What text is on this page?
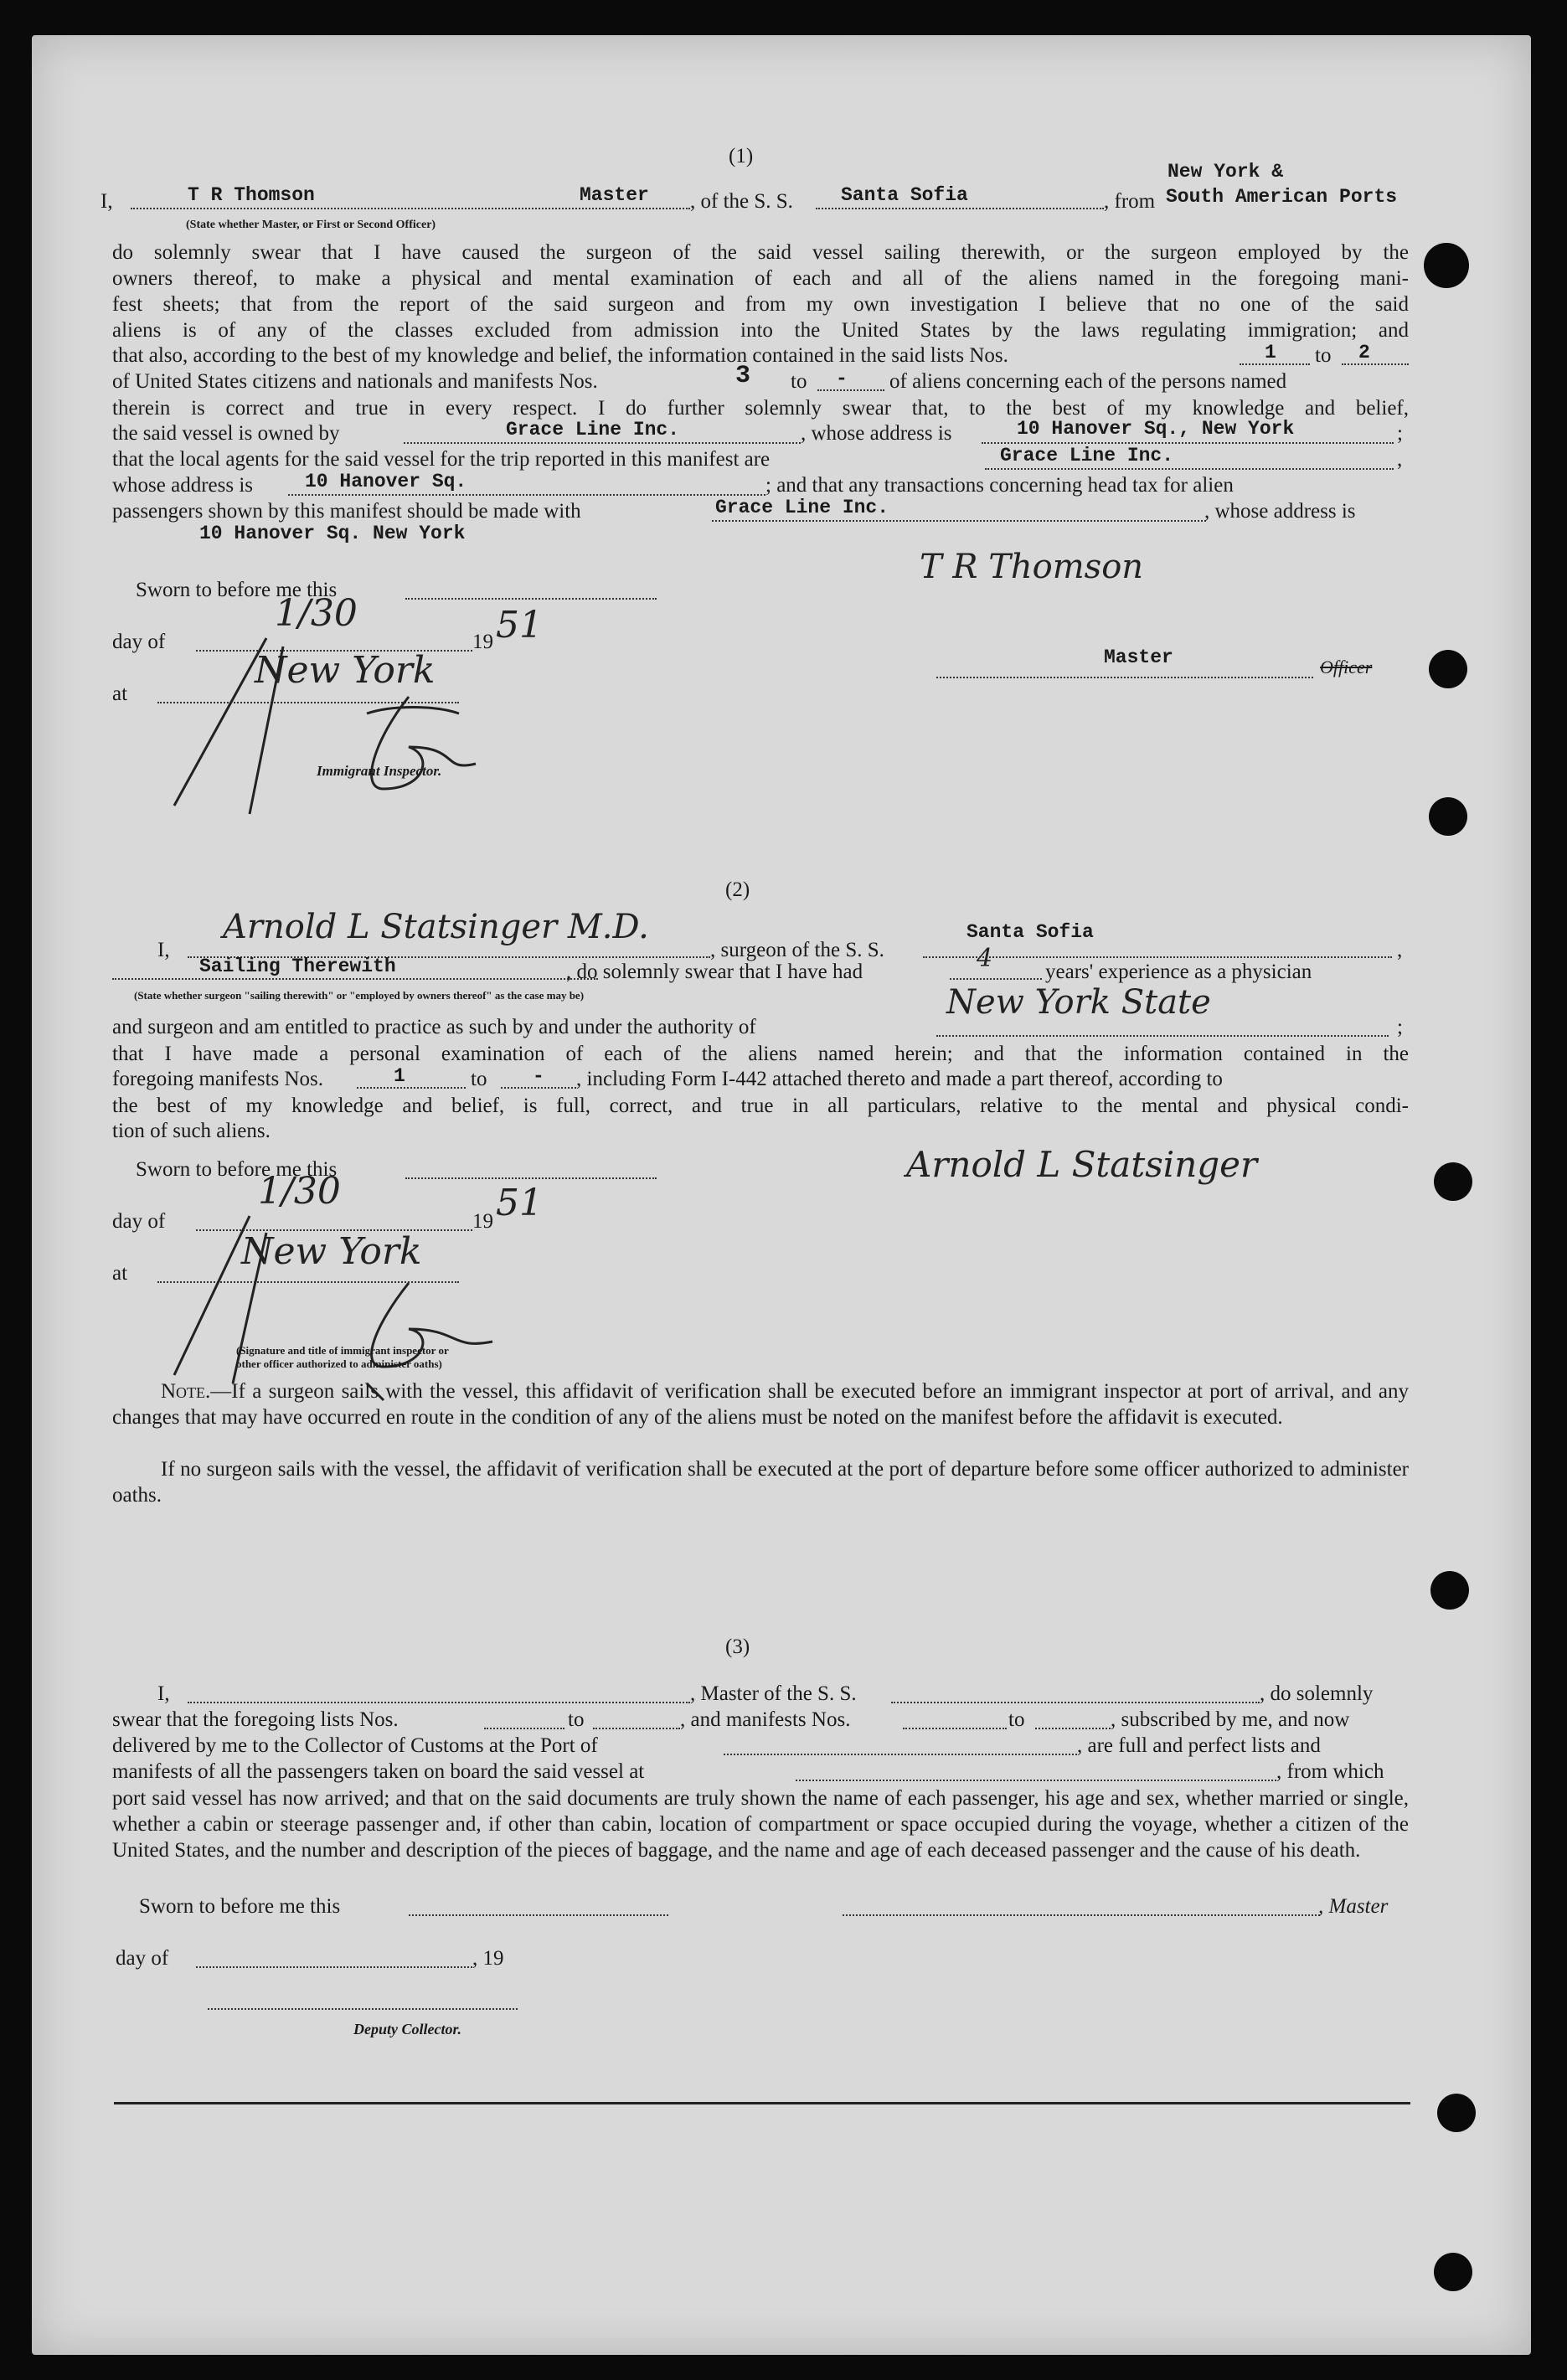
(1)
I,	T R Thomson	Master
(State whether Master, or First or Second Officer)
, of the S. S. Santa Sofia	, from
New York &
South American Ports
do solemnly swear that I have caused the surgeon of the said vessel sailing therewith, or the surgeon employed by the
owners thereof, to make a physical and mental examination of each and all of the aliens named in the foregoing mani-
fest sheets; that from the report of the said surgeon and from my own investigation I believe that no one of the said
aliens is of any of the classes excluded from admission into the United States by the laws regulating immigration; and
that also, according to the best of my knowledge and belief, the information contained in the said lists Nos.	1 to 2
of United States citizens and nationals and manifests Nos.	3 to - of aliens concerning each of the persons named
therein is correct and true in every respect. I do further solemnly swear that, to the best of my knowledge and belief,
the said vessel is owned by	Grace Line Inc.	, whose address is	10 Hanover Sq., New York	;
that the local agents for the said vessel for the trip reported in this manifest are	Grace Line Inc.	,
whose address is	10 Hanover Sq.	; and that any transactions concerning head tax for alien
passengers shown by this manifest should be made with	Grace Line Inc.	, whose address is
10 Hanover Sq. New York
Sworn to before me this
day of
1/30
19 51
at
New York
Immigrant Inspector.
T R Thomson
Master	Officer
(2)
I,
Arnold L Statsinger M.D.
, surgeon of the S. S.
Santa Sofia
,
Sailing Therewith	, do solemnly swear that I have had	4	years' experience as a physician
(State whether surgeon "sailing therewith" or "employed by owners thereof" as the case may be)
and surgeon and am entitled to practice as such by and under the authority of
New York State
;
that I have made a personal examination of each of the aliens named herein; and that the information contained in the
foregoing manifests Nos.	1	to - , including Form I-442 attached thereto and made a part thereof, according to
the best of my knowledge and belief, is full, correct, and true in all particulars, relative to the mental and physical condi-
tion of such aliens.
Sworn to before me this
day of
1/30
19 51
at
New York
(Signature and title of immigrant inspector or
other officer authorized to administer oaths)
Arnold L Statsinger
Note.—If a surgeon sails with the vessel, this affidavit of verification shall be executed before an immigrant inspector at port of arrival, and any changes that may have occurred en route in the condition of any of the aliens must be noted on the manifest before the affidavit is executed.
If no surgeon sails with the vessel, the affidavit of verification shall be executed at the port of departure before some officer authorized to administer oaths.
(3)
I,	, Master of the S. S.	, do solemnly
swear that the foregoing lists Nos.	to	, and manifests Nos.	to	, subscribed by me, and now
delivered by me to the Collector of Customs at the Port of	, are full and perfect lists and
manifests of all the passengers taken on board the said vessel at	, from which
port said vessel has now arrived; and that on the said documents are truly shown the name of each passenger, his age and sex, whether married or single, whether a cabin or steerage passenger and, if other than cabin, location of compartment or space occupied during the voyage, whether a citizen of the United States, and the number and description of the pieces of baggage, and the name and age of each deceased passenger and the cause of his death.
Sworn to before me this	, Master
day of	, 19
Deputy Collector.
